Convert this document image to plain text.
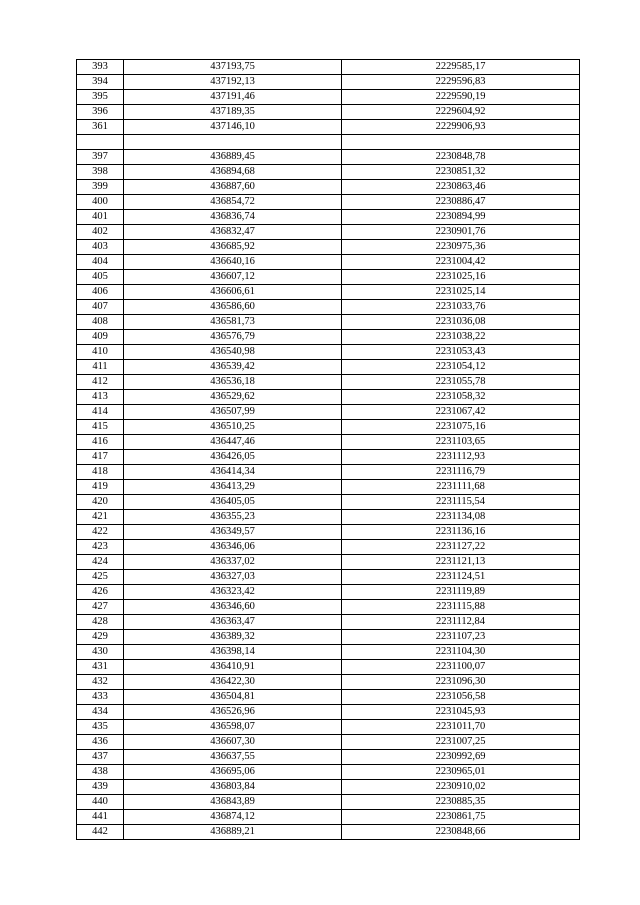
393	437193,75	2229585,17
394	437192,13	2229596,83
395	437191,46	2229590,19
396	437189,35	2229604,92
361	437146,10	2229906,93

397	436889,45	2230848,78
398	436894,68	2230851,32
399	436887,60	2230863,46
400	436854,72	2230886,47
401	436836,74	2230894,99
402	436832,47	2230901,76
403	436685,92	2230975,36
404	436640,16	2231004,42
405	436607,12	2231025,16
406	436606,61	2231025,14
407	436586,60	2231033,76
408	436581,73	2231036,08
409	436576,79	2231038,22
410	436540,98	2231053,43
411	436539,42	2231054,12
412	436536,18	2231055,78
413	436529,62	2231058,32
414	436507,99	2231067,42
415	436510,25	2231075,16
416	436447,46	2231103,65
417	436426,05	2231112,93
418	436414,34	2231116,79
419	436413,29	2231111,68
420	436405,05	2231115,54
421	436355,23	2231134,08
422	436349,57	2231136,16
423	436346,06	2231127,22
424	436337,02	2231121,13
425	436327,03	2231124,51
426	436323,42	2231119,89
427	436346,60	2231115,88
428	436363,47	2231112,84
429	436389,32	2231107,23
430	436398,14	2231104,30
431	436410,91	2231100,07
432	436422,30	2231096,30
433	436504,81	2231056,58
434	436526,96	2231045,93
435	436598,07	2231011,70
436	436607,30	2231007,25
437	436637,55	2230992,69
438	436695,06	2230965,01
439	436803,84	2230910,02
440	436843,89	2230885,35
441	436874,12	2230861,75
442	436889,21	2230848,66
